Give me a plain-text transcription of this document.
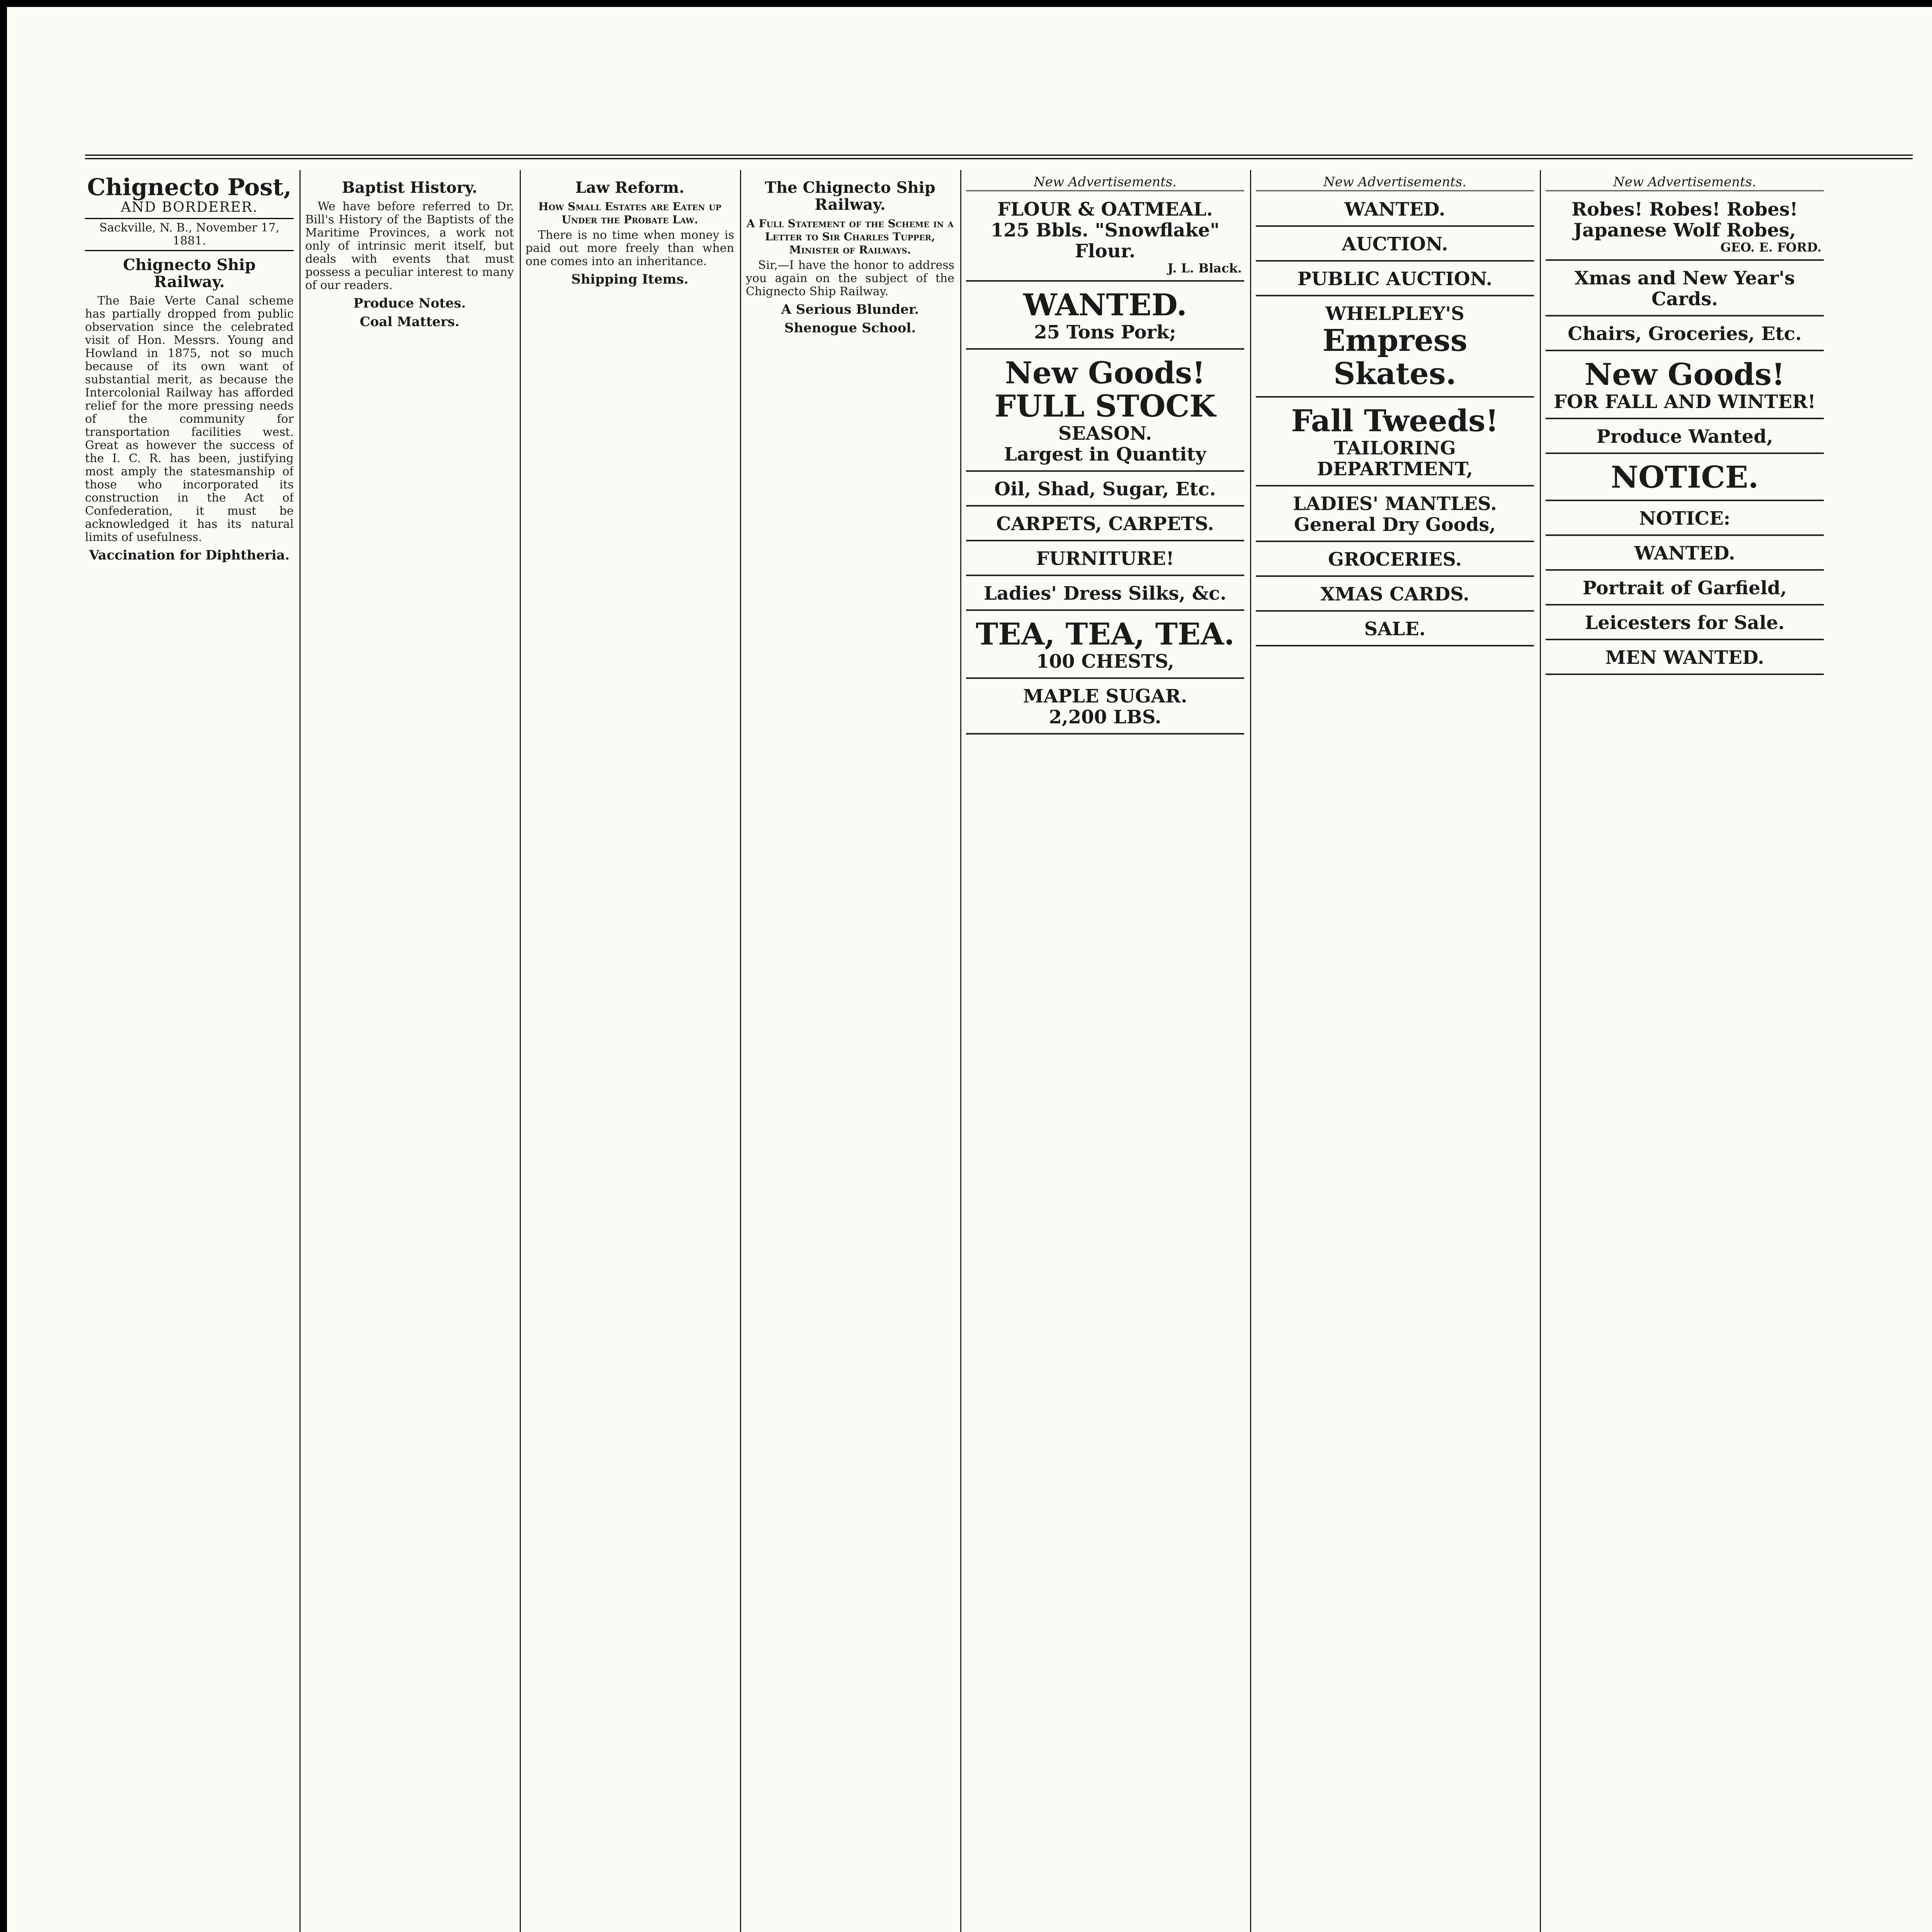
Chignecto Post,
AND BORDERER.
Sackville, N. B., November 17, 1881.
Chignecto Ship Railway.

The Baie Verte Canal scheme has partially dropped from public observation since the celebrated visit of Hon. Messrs. Young and Howland in 1875, not so much because of its own want of substantial merit, as because the Intercolonial Railway has afforded relief for the more pressing needs of the community for transportation facilities west. Great as however the success of the I. C. R. has been, justifying most amply the statesmanship of those who incorporated its construction in the Act of Confederation, it must be acknowledged it has its natural limits of usefulness.

Vaccination for Diphtheria.
Baptist History.

We have before referred to Dr. Bill's History of the Baptists of the Maritime Provinces, a work not only of intrinsic merit itself, but deals with events that must possess a peculiar interest to many of our readers.

Produce Notes.
Coal Matters.
Law Reform.
How Small Estates are Eaten up Under the Probate Law.

There is no time when money is paid out more freely than when one comes into an inheritance.

Shipping Items.
The Chignecto Ship Railway.
A Full Statement of the Scheme in a Letter to Sir Charles Tupper, Minister of Railways.

Sir,—I have the honor to address you again on the subject of the Chignecto Ship Railway.

A Serious Blunder.
Shenogue School.
New Advertisements.
FLOUR & OATMEAL.
125 Bbls. "Snowflake" Flour.
J. L. Black.
WANTED.
25 Tons Pork;
New Goods!
FULL STOCK
SEASON.
Largest in Quantity
Oil, Shad, Sugar, Etc.
CARPETS, CARPETS.
FURNITURE!
Ladies' Dress Silks, &c.
TEA, TEA, TEA.
100 CHESTS,
MAPLE SUGAR.
2,200 LBS.
New Advertisements.
WANTED.
AUCTION.
PUBLIC AUCTION.
WHELPLEY'S
Empress Skates.
Fall Tweeds!
TAILORING DEPARTMENT,
LADIES' MANTLES.
General Dry Goods,
GROCERIES.
XMAS CARDS.
SALE.
New Advertisements.
Robes! Robes! Robes!
Japanese Wolf Robes,
GEO. E. FORD.
Xmas and New Year's Cards.
Chairs, Groceries, Etc.
New Goods!
FOR FALL AND WINTER!
Produce Wanted,
NOTICE.
NOTICE:
WANTED.
Portrait of Garfield,
Leicesters for Sale.
MEN WANTED.
